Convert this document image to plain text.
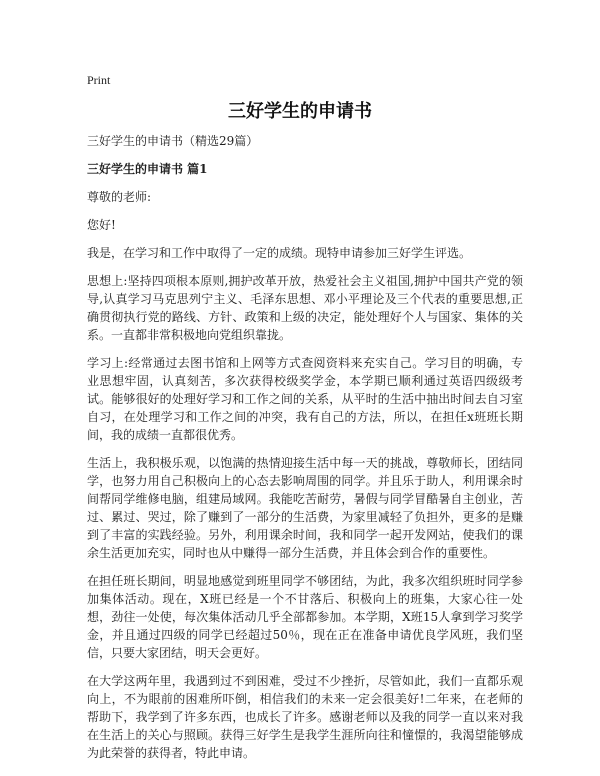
Print
三好学生的申请书

三好学生的申请书（精选29篇）

三好学生的申请书 篇1

尊敬的老师:

您好!

我是，在学习和工作中取得了一定的成绩。现特申请参加三好学生评选。

思想上:坚持四项根本原则,拥护改革开放，热爱社会主义祖国,拥护中国共产党的领导,认真学习马克思列宁主义、毛泽东思想、邓小平理论及三个代表的重要思想,正确贯彻执行党的路线、方针、政策和上级的决定，能处理好个人与国家、集体的关系。一直都非常积极地向党组织靠拢。

学习上:经常通过去图书馆和上网等方式查阅资料来充实自己。学习目的明确，专业思想牢固，认真刻苦，多次获得校级奖学金，本学期已顺利通过英语四级级考试。能够很好的处理好学习和工作之间的关系，从平时的生活中抽出时间去自习室自习，在处理学习和工作之间的冲突，我有自己的方法，所以，在担任x班班长期间，我的成绩一直都很优秀。

生活上，我积极乐观，以饱满的热情迎接生活中每一天的挑战，尊敬师长，团结同学，也努力用自己积极向上的心态去影响周围的同学。并且乐于助人，利用课余时间帮同学维修电脑，组建局域网。我能吃苦耐劳，暑假与同学冒酷暑自主创业，苦过、累过、哭过，除了赚到了一部分的生活费，为家里减轻了负担外，更多的是赚到了丰富的实践经验。另外，利用课余时间，我和同学一起开发网站，使我们的课余生活更加充实，同时也从中赚得一部分生活费，并且体会到合作的重要性。

在担任班长期间，明显地感觉到班里同学不够团结，为此，我多次组织班时同学参加集体活动。现在，X班已经是一个不甘落后、积极向上的班集，大家心往一处想，劲往一处使，每次集体活动几乎全部都参加。本学期，X班15人拿到学习奖学金，并且通过四级的同学已经超过50％，现在正在准备申请优良学风班，我们坚信，只要大家团结，明天会更好。

在大学这两年里，我遇到过不到困难，受过不少挫折，尽管如此，我们一直都乐观向上，不为眼前的困难所吓倒，相信我们的未来一定会很美好!二年来，在老师的帮助下，我学到了许多东西，也成长了许多。感谢老师以及我的同学一直以来对我在生活上的关心与照顾。获得三好学生是我学生涯所向往和憧憬的，我渴望能够成为此荣誉的获得者，特此申请。
